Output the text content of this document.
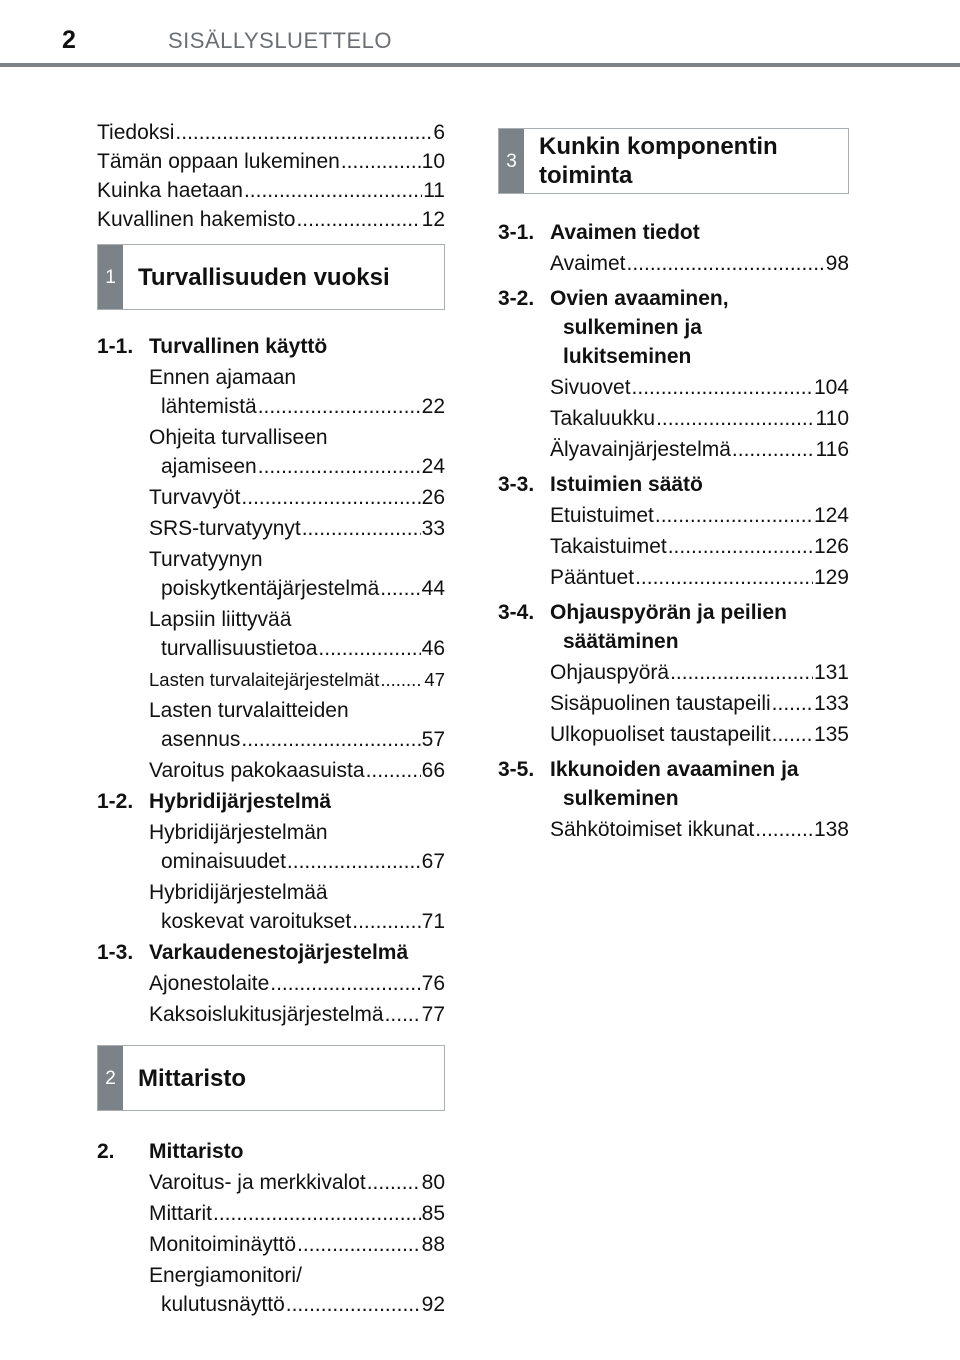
2	SISÄLLYSLUETTELO
Tiedoksi .....	6
Tämän oppaan lukeminen .....	10
Kuinka haetaan .....	11
Kuvallinen hakemisto .....	12
1 Turvallisuuden vuoksi
1-1. Turvallinen käyttö
Ennen ajamaan
lähtemistä .....	22
Ohjeita turvalliseen
ajamiseen .....	24
Turvavyöt .....	26
SRS-turvatyynyt .....	33
Turvatyynyn
poiskytkentäjärjestelmä ..... 44
Lapsiin liittyvää
turvallisuustietoa .....	46
Lasten turvalaitejärjestelmät ..... 47
Lasten turvalaitteiden
asennus .....	57
Varoitus pakokaasuista .....	66
1-2. Hybridijärjestelmä
Hybridijärjestelmän
ominaisuudet .....	67
Hybridijärjestelmää
koskevat varoitukset .....	71
1-3. Varkaudenestojärjestelmä
Ajonestolaite .....	76
Kaksoislukitusjärjestelmä ..... 77
2 Mittaristo
2.	Mittaristo
Varoitus- ja merkkivalot .....	80
Mittarit .....	85
Monitoiminäyttö .....	88
Energiamonitori/
kulutusnäyttö .....	92
3
Kunkin komponentin
toiminta
3-1. Avaimen tiedot
Avaimet .....	98
3-2. Ovien avaaminen,
sulkeminen ja
lukitseminen
Sivuovet .....	104
Takaluukku .....	110
Älyavainjärjestelmä .....	116
3-3. Istuimien säätö
Etuistuimet .....	124
Takaistuimet .....	126
Pääntuet .....	129
3-4. Ohjauspyörän ja peilien
säätäminen
Ohjauspyörä .....	131
Sisäpuolinen taustapeili ..... 133
Ulkopuoliset taustapeilit ..... 135
3-5. Ikkunoiden avaaminen ja
sulkeminen
Sähkötoimiset ikkunat .....	138
